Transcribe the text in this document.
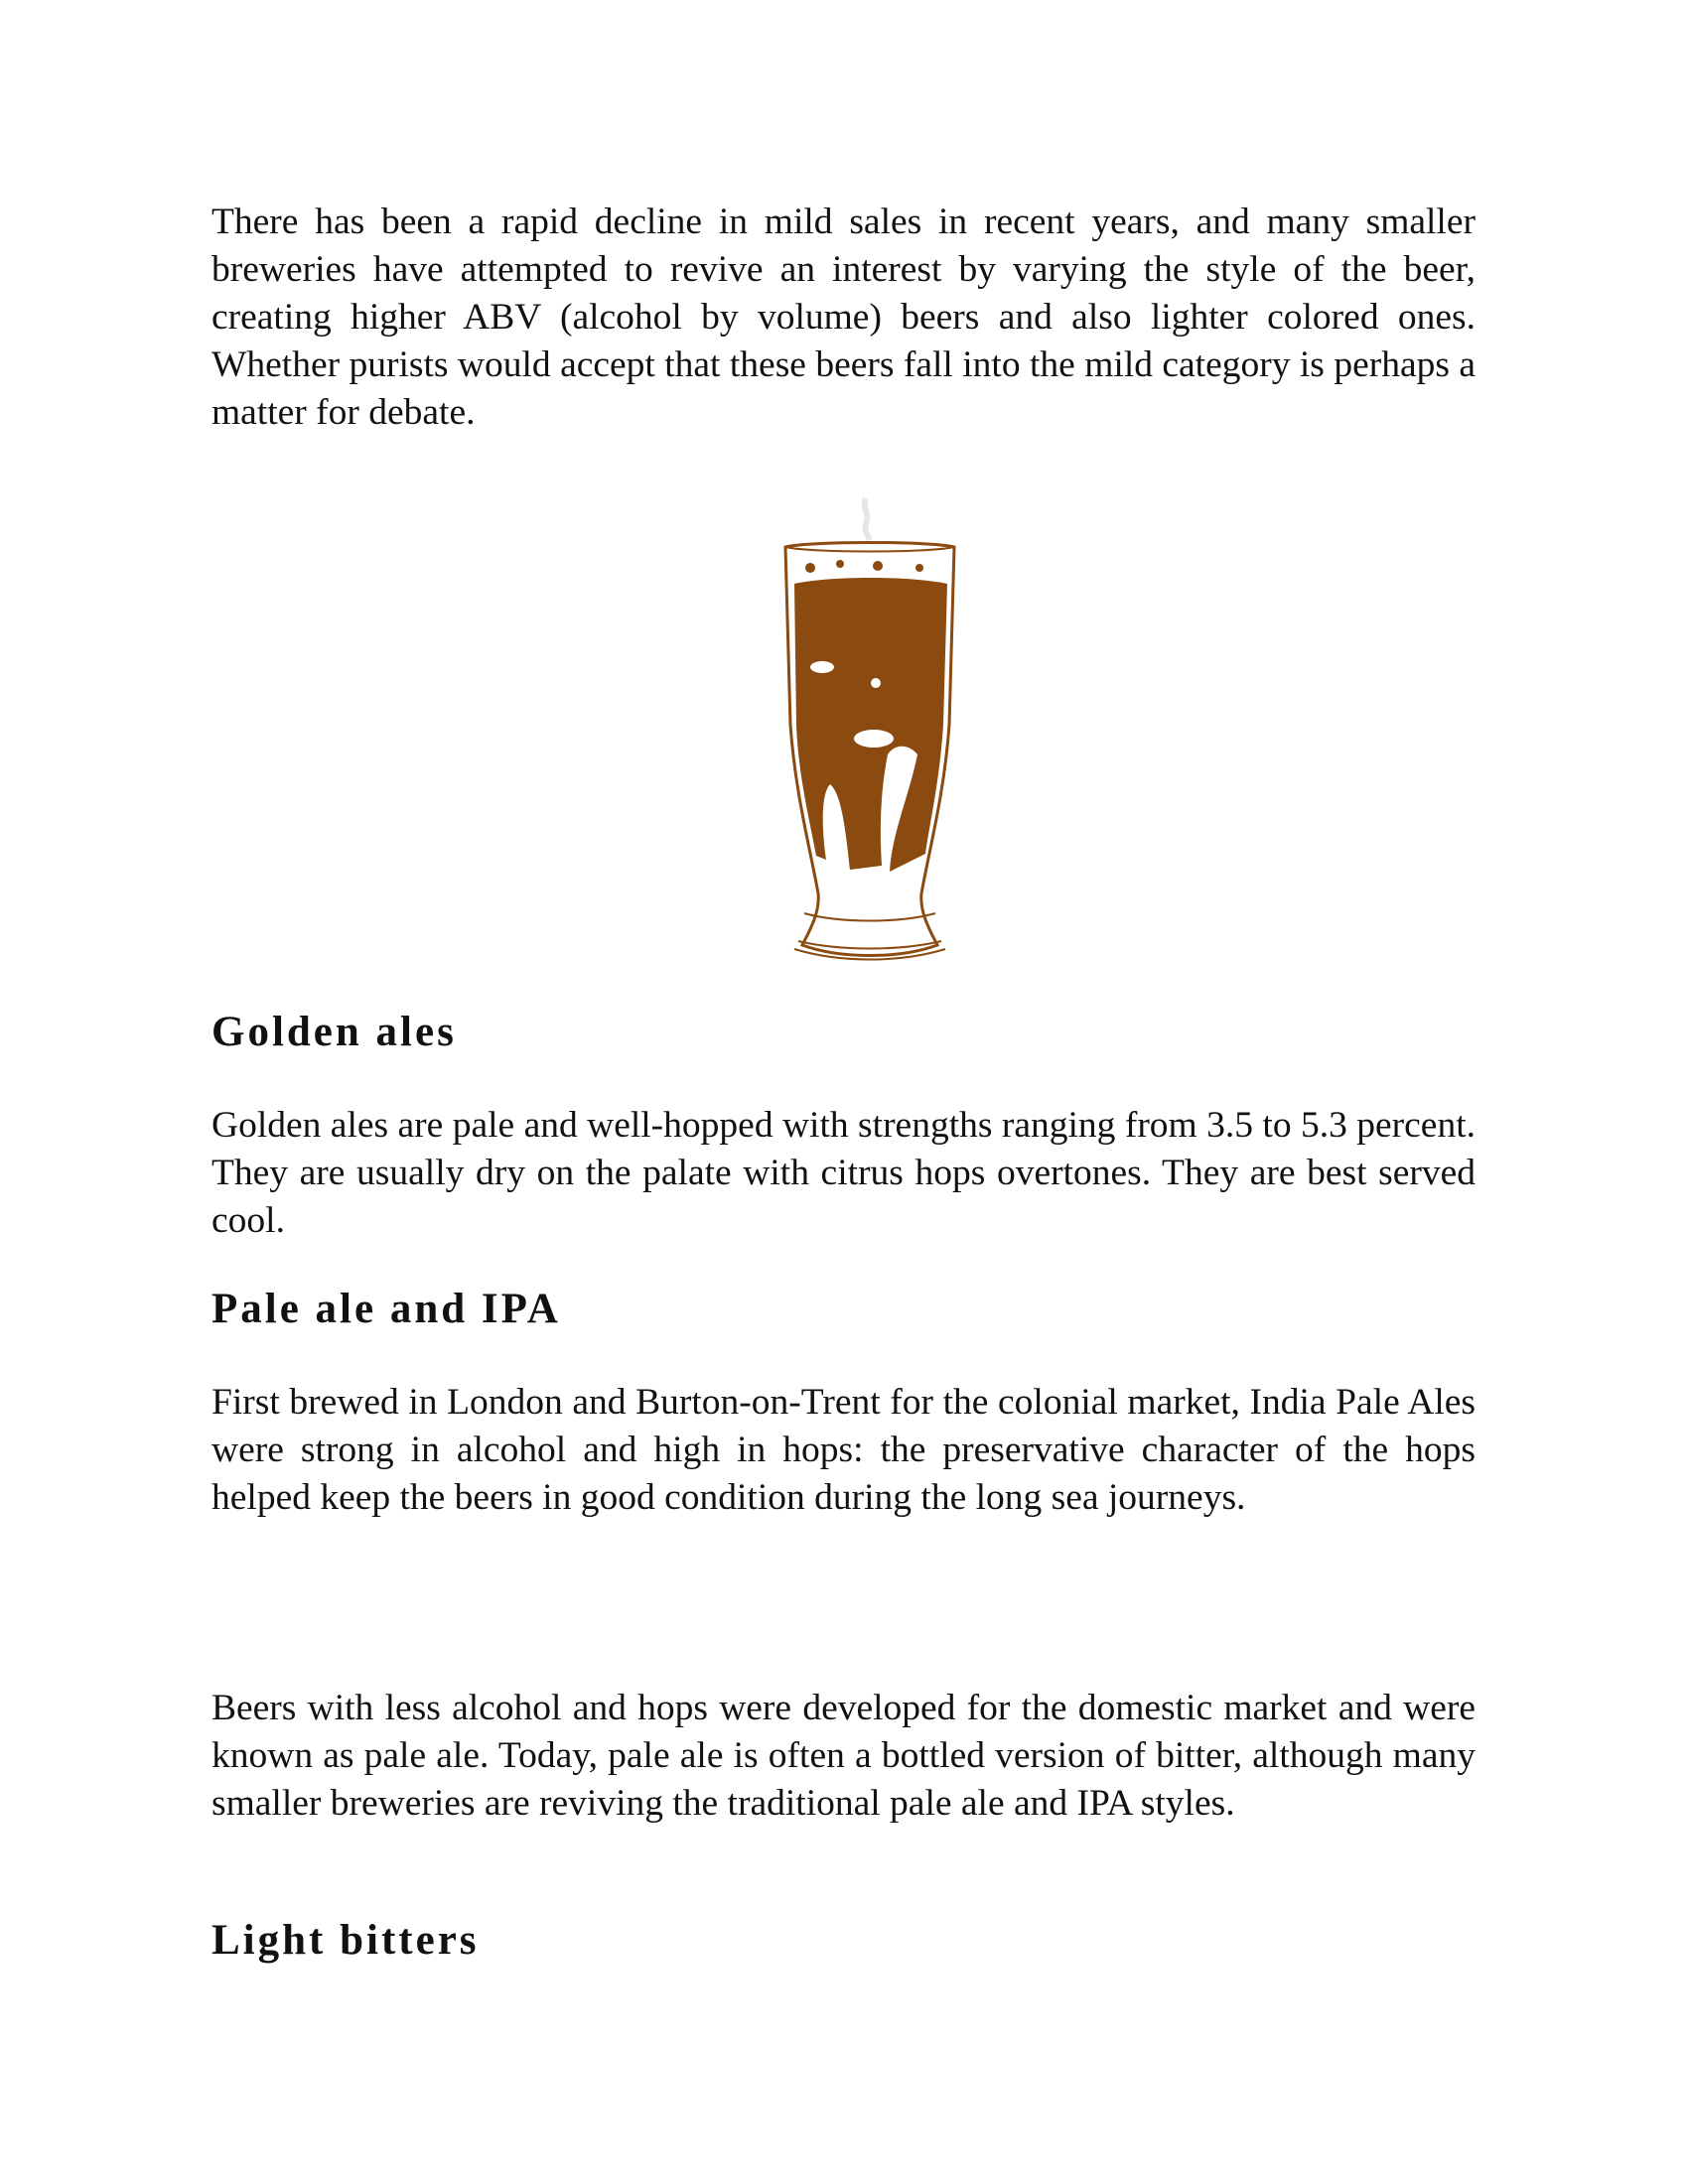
There has been a rapid decline in mild sales in recent years, and many smaller breweries have attempted to revive an interest by varying the style of the beer, creating higher ABV (alcohol by volume) beers and also lighter colored ones. Whether purists would accept that these beers fall into the mild category is perhaps a matter for debate.

Golden ales

Golden ales are pale and well-hopped with strengths ranging from 3.5 to 5.3 percent. They are usually dry on the palate with citrus hops overtones. They are best served cool.

Pale ale and IPA

First brewed in London and Burton-on-Trent for the colonial market, India Pale Ales were strong in alcohol and high in hops: the preservative character of the hops helped keep the beers in good condition during the long sea journeys.

Beers with less alcohol and hops were developed for the domestic market and were known as pale ale. Today, pale ale is often a bottled version of bitter, although many smaller breweries are reviving the traditional pale ale and IPA styles.

Light bitters
